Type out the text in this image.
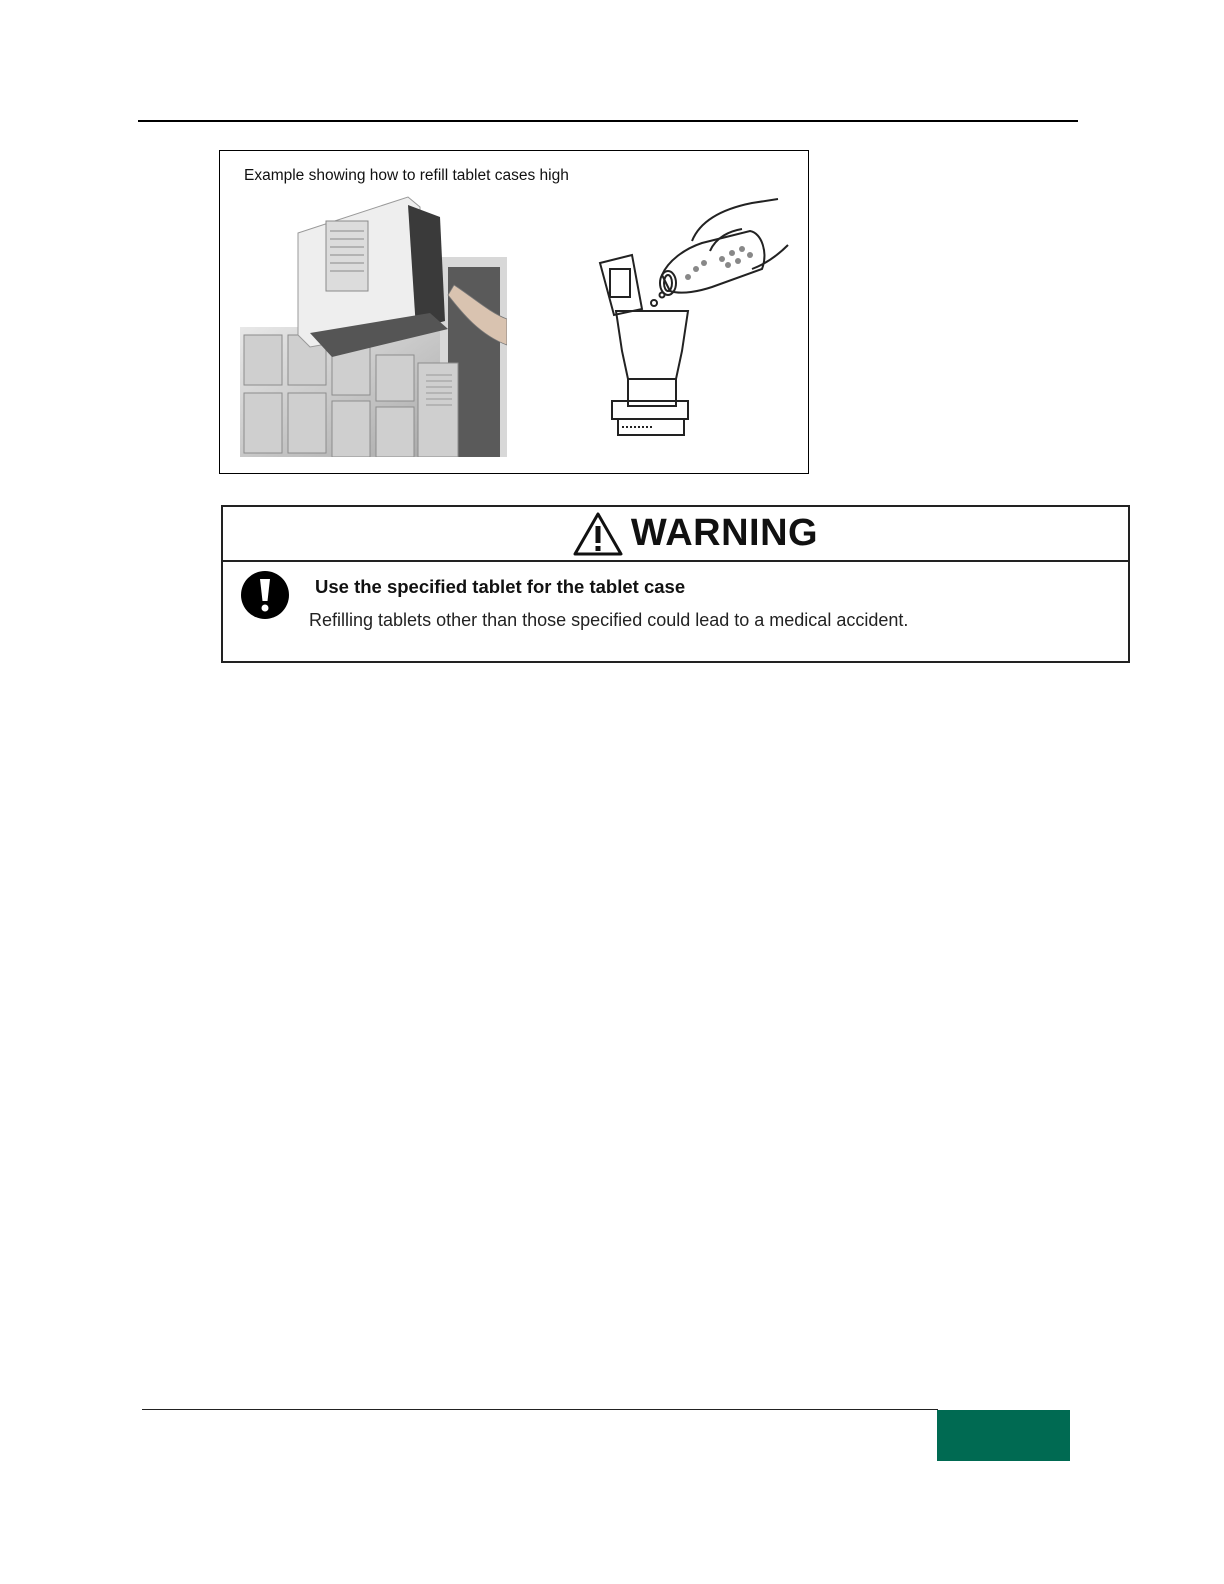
Example showing how to refill tablet cases high
WARNING
Use the specified tablet for the tablet case
Refilling tablets other than those specified could lead to a medical accident.
